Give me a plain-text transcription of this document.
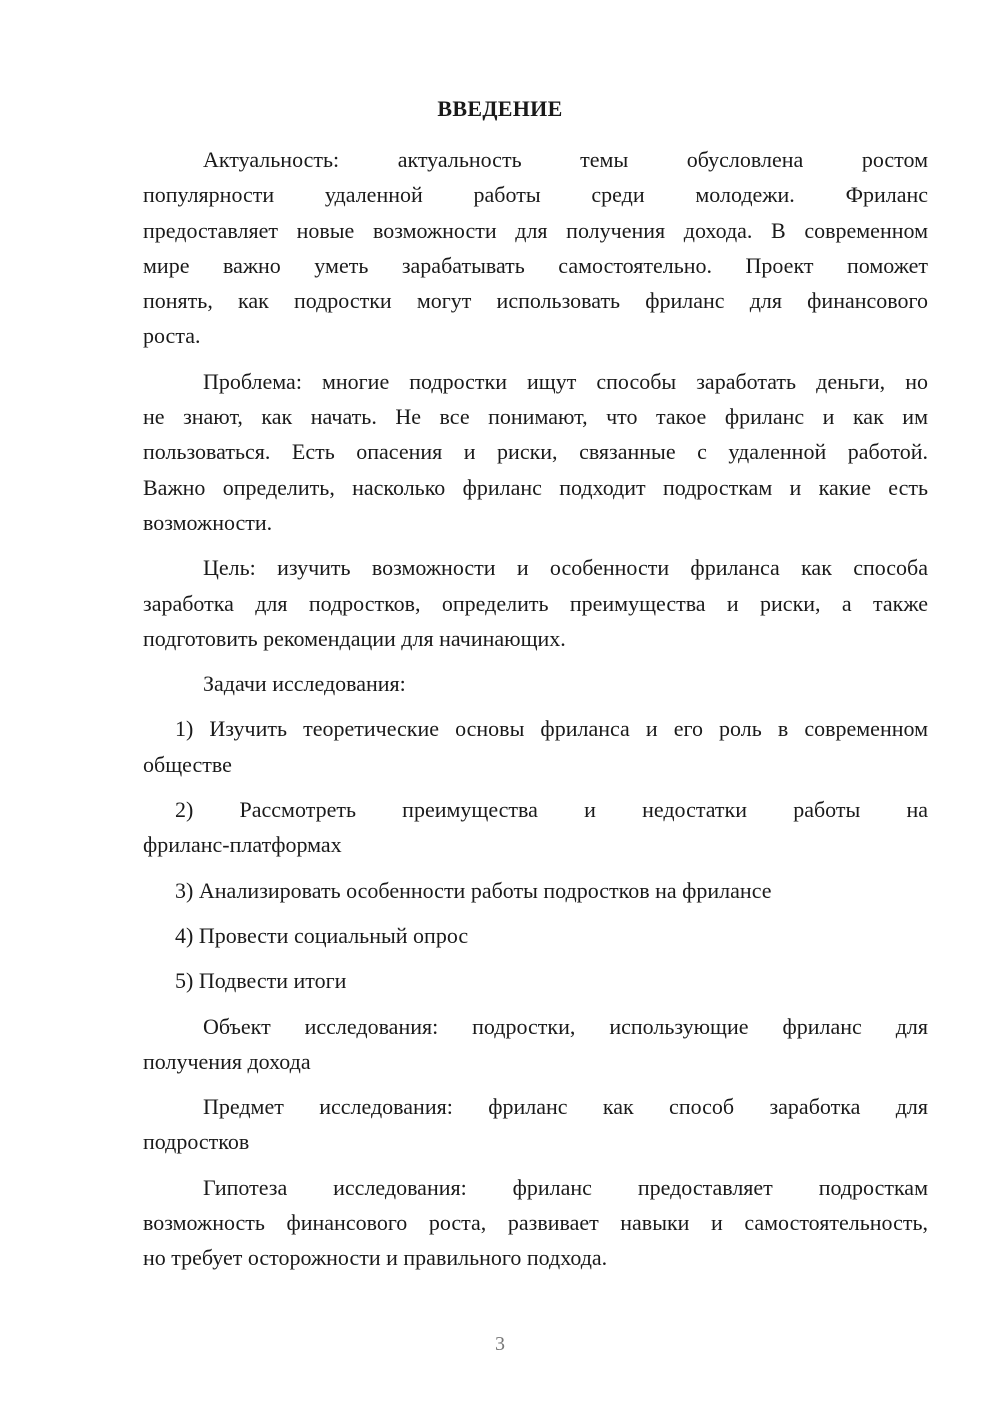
ВВЕДЕНИЕ
Актуальность: актуальность темы обусловлена ростом
популярности удаленной работы среди молодежи. Фриланс
предоставляет новые возможности для получения дохода. В современном
мире важно уметь зарабатывать самостоятельно. Проект поможет
понять, как подростки могут использовать фриланс для финансового
роста.
Проблема: многие подростки ищут способы заработать деньги, но
не знают, как начать. Не все понимают, что такое фриланс и как им
пользоваться. Есть опасения и риски, связанные с удаленной работой.
Важно определить, насколько фриланс подходит подросткам и какие есть
возможности.
Цель: изучить возможности и особенности фриланса как способа
заработка для подростков, определить преимущества и риски, а также
подготовить рекомендации для начинающих.
Задачи исследования:
1) Изучить теоретические основы фриланса и его роль в современном
обществе
2) Рассмотреть преимущества и недостатки работы на
фриланс-платформах
3) Анализировать особенности работы подростков на фрилансе
4) Провести социальный опрос
5) Подвести итоги
Объект исследования: подростки, использующие фриланс для
получения дохода
Предмет исследования: фриланс как способ заработка для
подростков
Гипотеза исследования: фриланс предоставляет подросткам
возможность финансового роста, развивает навыки и самостоятельность,
но требует осторожности и правильного подхода.
3
